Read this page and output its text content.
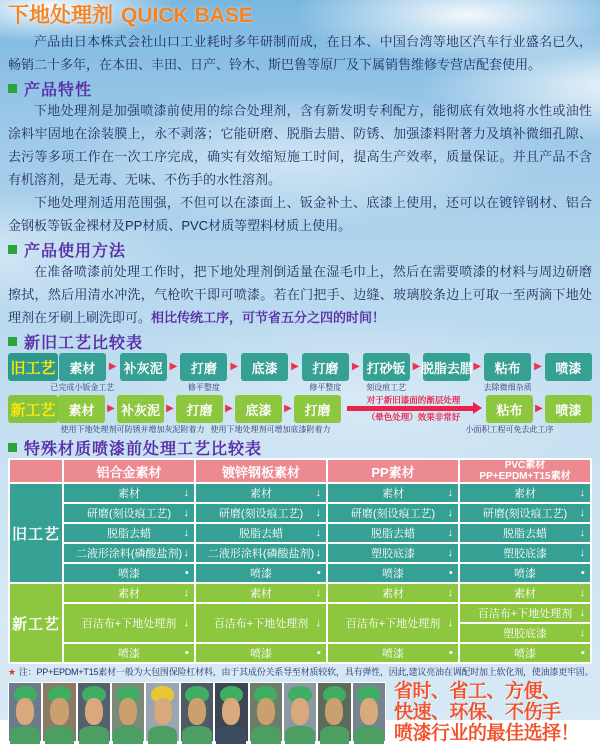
下地处理剂 QUICK BASE

产品由日本株式会社山口工业耗时多年研制而成，在日本、中国台湾等地区汽车行业盛名已久，畅销二十多年，在本田、丰田、日产、铃木、斯巴鲁等原厂及下属销售维修专营店配套使用。

产品特性

下地处理剂是加强喷漆前使用的综合处理剂，含有新发明专利配方，能彻底有效地将水性或油性涂料牢固地在涂装膜上，永不剥落；它能研磨、脱脂去腊、防锈、加强漆料附著力及填补微细孔隙、去污等多项工作在一次工序完成，确实有效缩短施工时间，提高生产效率，质量保证。并且产品不含有机溶剂，是无毒、无味、不伤手的水性溶剂。

下地处理剂适用范围强，不但可以在漆面上、钣金补土、底漆上使用，还可以在镀锌钢材、铝合金钢板等钣金裸材及PP材质、PVC材质等塑料材质上使用。

产品使用方法

在准备喷漆前处理工作时，把下地处理剂倒适量在湿毛巾上，然后在需要喷漆的材料与周边研磨擦拭，然后用清水冲洗，气枪吹干即可喷漆。若在门把手、边缝、玻璃胶条边上可取一至两滴下地处理剂在牙刷上刷洗即可。相比传统工序，可节省五分之四的时间！

新旧工艺比较表
旧工艺	素材
已完成小钣金工艺
▶ 补灰泥 ▶	打磨
修平整度
▶	底漆	▶	打磨
修平整度
▶ 打砂钣
刻设痕工艺
▶ 脱脂去腊 ▶	粘布
去除微细杂质
▶	喷漆
新工艺 素材	▶ 补灰泥
使用下地处理剂可防锈并增加灰泥附着力
▶ 打磨	▶ 底漆
使用下地处理剂可增加底漆附着力
▶ 打磨
对于新旧漆面的渐层处理
（晕色处理）效果非常好	粘布
小面积工程可免去此工序
▶ 喷漆
特殊材质喷漆前处理工艺比较表
	铝合金素材	镀锌钢板素材	PP素材	PVC素材
PP+EPDM+T15素材

旧工艺	素材 ↓	素材 ↓	素材 ↓	素材 ↓

	研磨(刻设痕工艺) ↓	研磨(刻设痕工艺) ↓	研磨(刻设痕工艺) ↓	研磨(刻设痕工艺) ↓

	脱脂去蜡 ↓	脱脂去蜡 ↓	脱脂去蜡 ↓	脱脂去蜡 ↓

	二液形涂料(磷酸盐剂) ↓	二液形涂料(磷酸盐剂) ↓	塑胶底漆 ↓	塑胶底漆 ↓

	喷漆 ●	喷漆 ●	喷漆 ●	喷漆 ●

新工艺	素材 ↓	素材 ↓	素材 ↓	素材 ↓

	百洁布+下地处理剂 ↓	百洁布+下地处理剂 ↓	百洁布+下地处理剂 ↓	百洁布+下地处理剂 ↓

				塑胶底漆 ↓

	喷漆 ●	喷漆 ●	喷漆 ●	喷漆 ●
★ 注：PP+EPDM+T15素材一般为大包围保险杠材料，由于其成份关系导至材质较软，具有弹性，因此,建议亮油在调配时加上软化剂，使油漆更牢固。
省时、省工、方便、
快速、环保、不伤手
喷漆行业的最佳选择！
